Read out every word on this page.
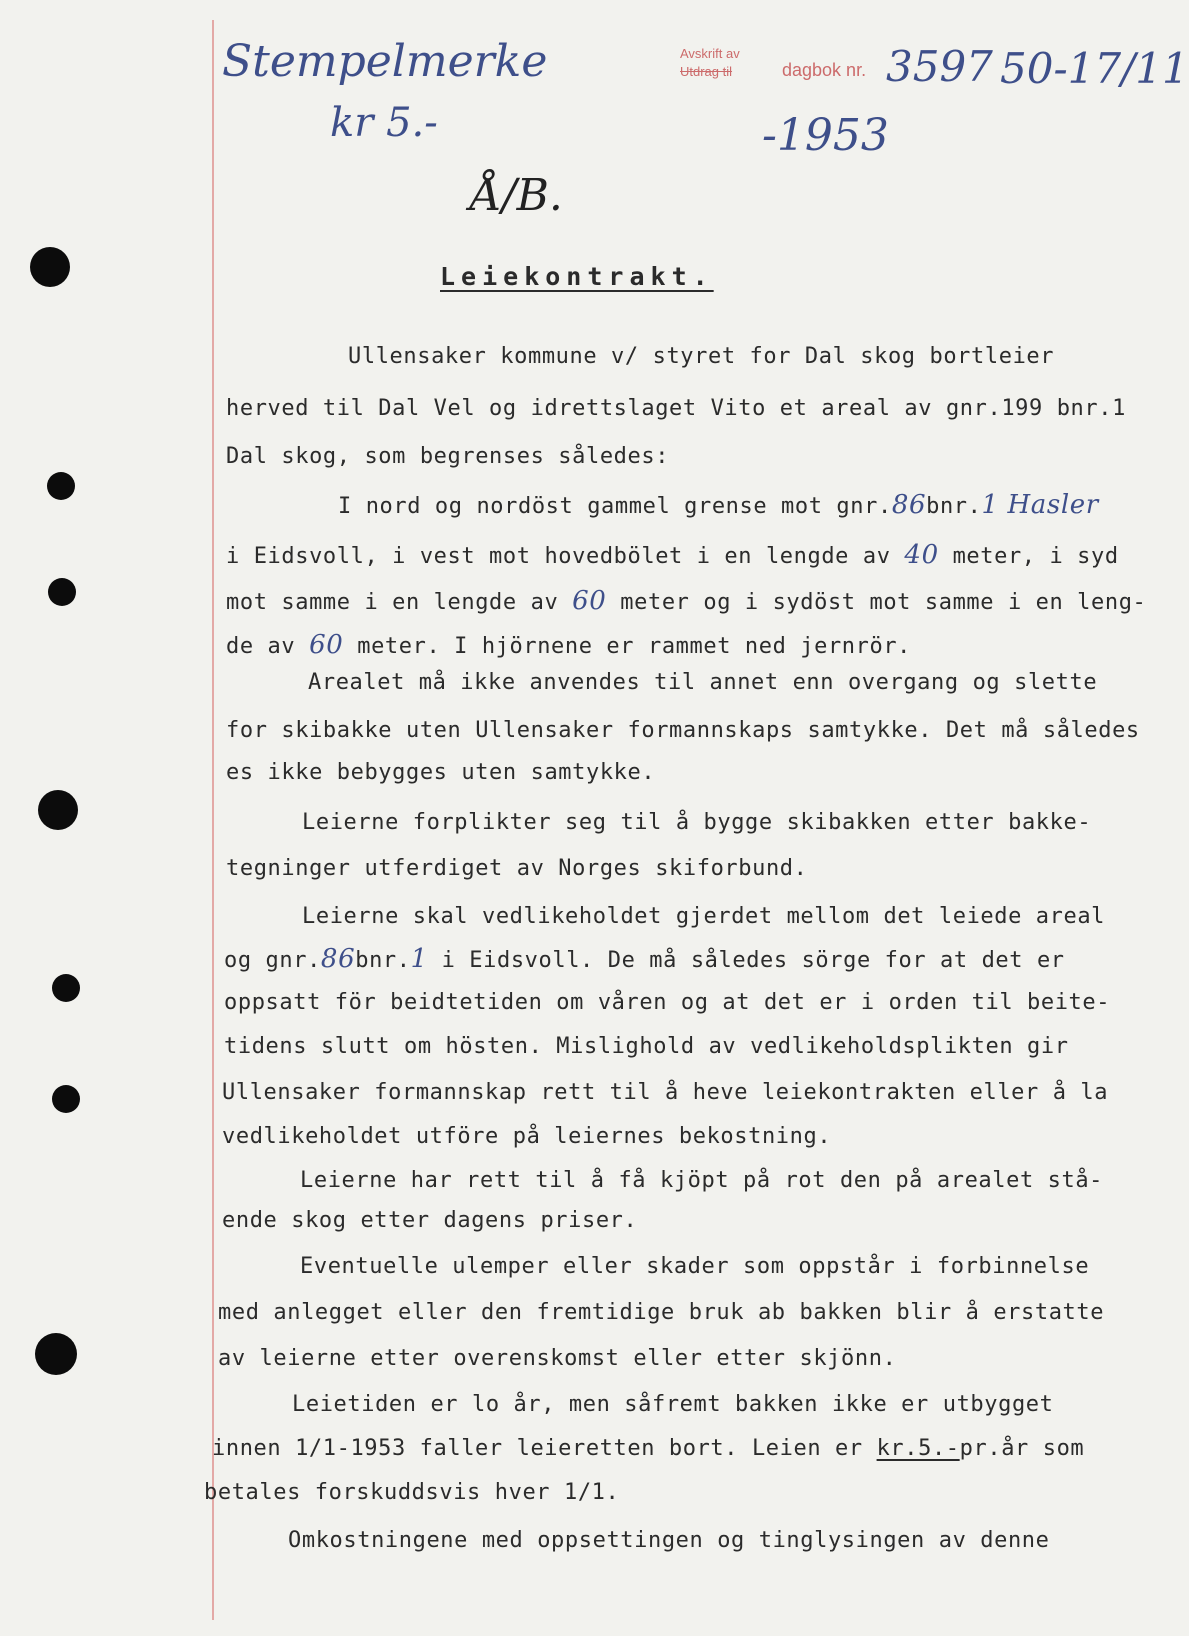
Stempelmerke
kr 5.-
Avskrift av
Utdrag til	dagbok nr. 3597 50-17/11
-1953
Å/B.
Leiekontrakt.
Ullensaker kommune v/ styret for Dal skog bortleier
herved til Dal Vel og idrettslaget Vito et areal av gnr.199 bnr.1
Dal skog, som begrenses således:
I nord og nordöst gammel grense mot gnr.86bnr.1 Hasler
i Eidsvoll, i vest mot hovedbölet i en lengde av 40 meter, i syd
mot samme i en lengde av 60 meter og i sydöst mot samme i en leng-
de av 60 meter. I hjörnene er rammet ned jernrör.
Arealet må ikke anvendes til annet enn overgang og slette
for skibakke uten Ullensaker formannskaps samtykke. Det må således
es ikke bebygges uten samtykke.
Leierne forplikter seg til å bygge skibakken etter bakke-
tegninger utferdiget av Norges skiforbund.
Leierne skal vedlikeholdet gjerdet mellom det leiede areal
og gnr.86bnr.1 i Eidsvoll. De må således sörge for at det er
oppsatt för beidtetiden om våren og at det er i orden til beite-
tidens slutt om hösten. Mislighold av vedlikeholdsplikten gir
Ullensaker formannskap rett til å heve leiekontrakten eller å la
vedlikeholdet utföre på leiernes bekostning.
Leierne har rett til å få kjöpt på rot den på arealet stå-
ende skog etter dagens priser.
Eventuelle ulemper eller skader som oppstår i forbinnelse
med anlegget eller den fremtidige bruk ab bakken blir å erstatte
av leierne etter overenskomst eller etter skjönn.
Leietiden er lo år, men såfremt bakken ikke er utbygget
innen 1/1-1953 faller leieretten bort. Leien er kr.5.-pr.år som
betales forskuddsvis hver 1/1.
Omkostningene med oppsettingen og tinglysingen av denne
